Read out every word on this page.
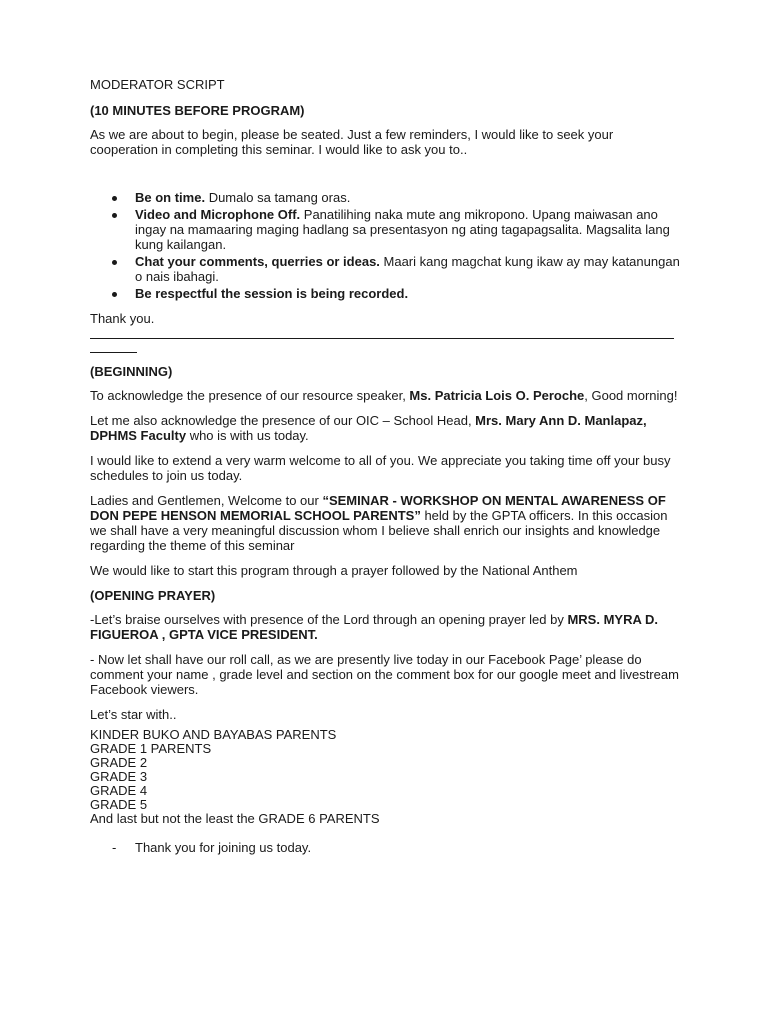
MODERATOR SCRIPT

(10 MINUTES BEFORE PROGRAM)

As we are about to begin, please be seated. Just a few reminders, I would like to seek your cooperation in completing this seminar. I would like to ask you to..

Be on time. Dumalo sa tamang oras.
Video and Microphone Off. Panatilihing naka mute ang mikropono. Upang maiwasan ano ingay na mamaaring maging hadlang sa presentasyon ng ating tagapagsalita. Magsalita lang kung kailangan.
Chat your comments, querries or ideas. Maari kang magchat kung ikaw ay may katanungan o nais ibahagi.
Be respectful the session is being recorded.

Thank you.

(BEGINNING)

To acknowledge the presence of our resource speaker, Ms. Patricia Lois O. Peroche, Good morning!

Let me also acknowledge the presence of our OIC – School Head, Mrs. Mary Ann D. Manlapaz, DPHMS Faculty who is with us today.

I would like to extend a very warm welcome to all of you. We appreciate you taking time off your busy schedules to join us today.

Ladies and Gentlemen, Welcome to our “SEMINAR - WORKSHOP ON MENTAL AWARENESS OF DON PEPE HENSON MEMORIAL SCHOOL PARENTS” held by the GPTA officers. In this occasion we shall have a very meaningful discussion whom I believe shall enrich our insights and knowledge regarding the theme of this seminar

We would like to start this program through a prayer followed by the National Anthem

(OPENING PRAYER)

-Let’s braise ourselves with presence of the Lord through an opening prayer led by MRS. MYRA D. FIGUEROA , GPTA VICE PRESIDENT.

- Now let shall have our roll call, as we are presently live today in our Facebook Page’ please do comment your name , grade level and section on the comment box for our google meet and livestream Facebook viewers.

Let’s star with..

KINDER BUKO AND BAYABAS PARENTS
GRADE 1 PARENTS
GRADE 2
GRADE 3
GRADE 4
GRADE 5
And last but not the least the GRADE 6 PARENTS
- Thank you for joining us today.
